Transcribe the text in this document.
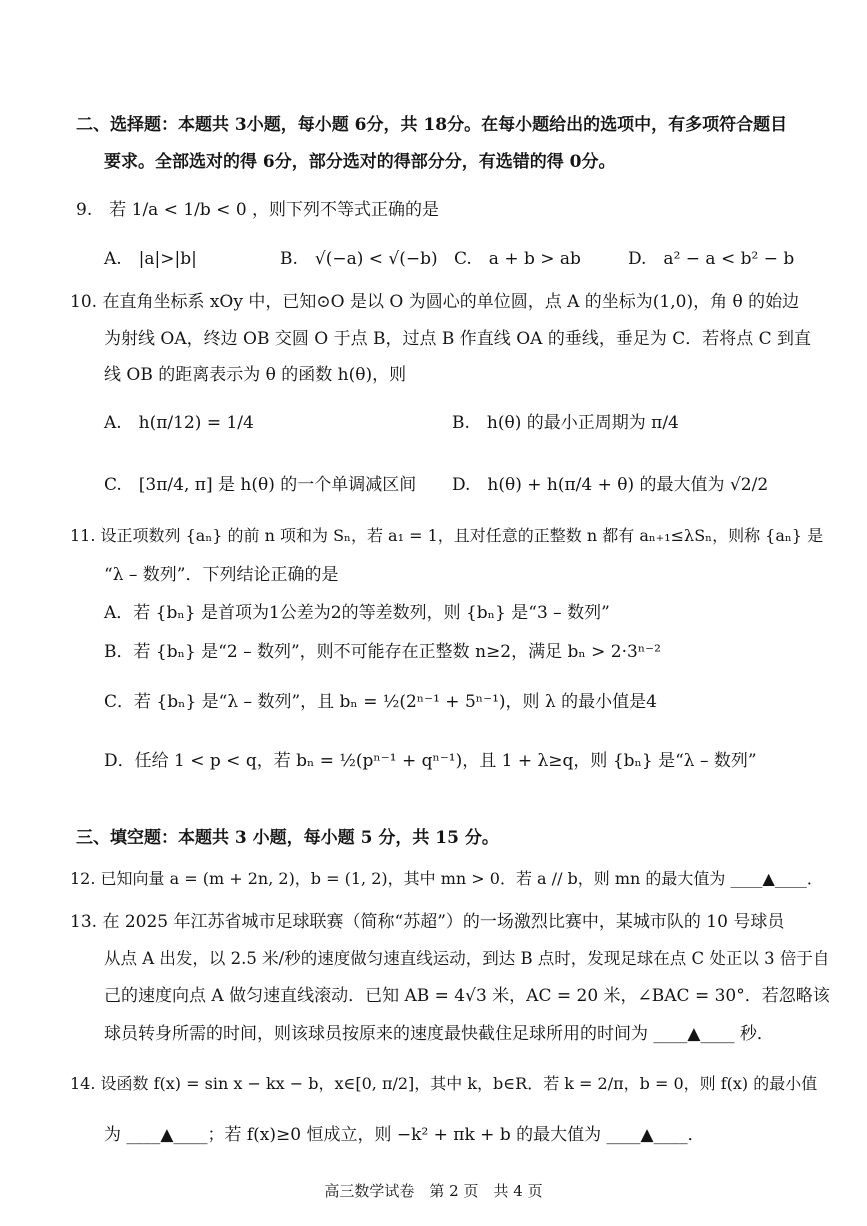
二、选择题：本题共 3小题，每小题 6分，共 18分。在每小题给出的选项中，有多项符合题目
要求。全部选对的得 6分，部分选对的得部分分，有选错的得 0分。
9.　若 1/a < 1/b < 0 ，则下列不等式正确的是
A.　|a|>|b|	B.　√(−a) < √(−b) C.　a + b > ab	D.　a² − a < b² − b
10. 在直角坐标系 xOy 中，已知⊙O 是以 O 为圆心的单位圆，点 A 的坐标为(1,0)，角 θ 的始边
为射线 OA，终边 OB 交圆 O 于点 B，过点 B 作直线 OA 的垂线，垂足为 C．若将点 C 到直
线 OB 的距离表示为 θ 的函数 h(θ)，则
A.　h(π/12) = 1/4	B.　h(θ) 的最小正周期为 π/4
C.　[3π/4, π] 是 h(θ) 的一个单调减区间 D.　h(θ) + h(π/4 + θ) 的最大值为 √2/2
11. 设正项数列 {aₙ} 的前 n 项和为 Sₙ，若 a₁ = 1，且对任意的正整数 n 都有 aₙ₊₁≤λSₙ，则称 {aₙ} 是
“λ – 数列”．下列结论正确的是
A．若 {bₙ} 是首项为1公差为2的等差数列，则 {bₙ} 是“3 – 数列”
B．若 {bₙ} 是“2 – 数列”，则不可能存在正整数 n≥2，满足 bₙ > 2·3ⁿ⁻²
C．若 {bₙ} 是“λ – 数列”，且 bₙ = ½(2ⁿ⁻¹ + 5ⁿ⁻¹)，则 λ 的最小值是4
D．任给 1 < p < q，若 bₙ = ½(pⁿ⁻¹ + qⁿ⁻¹)，且 1 + λ≥q，则 {bₙ} 是“λ – 数列”
三、填空题：本题共 3 小题，每小题 5 分，共 15 分。
12. 已知向量 a = (m + 2n, 2)，b = (1, 2)，其中 mn > 0．若 a // b，则 mn 的最大值为 ____▲____．
13. 在 2025 年江苏省城市足球联赛（简称“苏超”）的一场激烈比赛中，某城市队的 10 号球员
从点 A 出发，以 2.5 米/秒的速度做匀速直线运动，到达 B 点时，发现足球在点 C 处正以 3 倍于自
己的速度向点 A 做匀速直线滚动．已知 AB = 4√3 米，AC = 20 米，∠BAC = 30°．若忽略该
球员转身所需的时间，则该球员按原来的速度最快截住足球所用的时间为 ____▲____ 秒．
14. 设函数 f(x) = sin x − kx − b，x∈[0, π/2]，其中 k，b∈R．若 k = 2/π，b = 0，则 f(x) 的最小值
为 ____▲____；若 f(x)≥0 恒成立，则 −k² + πk + b 的最大值为 ____▲____．
高三数学试卷　第 2 页　共 4 页
